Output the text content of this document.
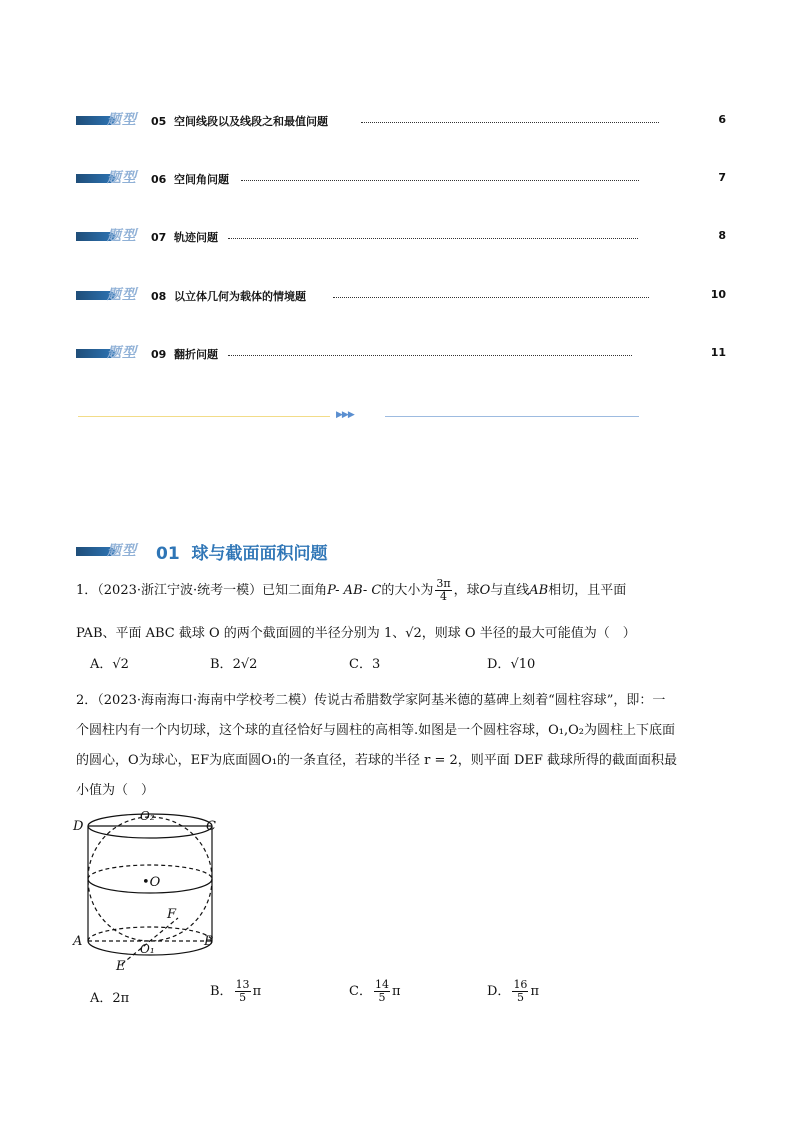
题型 05 空间线段以及线段之和最值问题	6
题型 06 空间角问题	7
题型 07 轨迹问题	8
题型 08 以立体几何为载体的情境题	10
题型 09 翻折问题	11
▶▶▶
题型 01 球与截面面积问题
1．（2023·浙江宁波·统考一模）已知二面角P- AB- C的大小为 $\frac{3\pi}{4}$ ，球O与直线AB相切，且平面
PAB、平面 ABC 截球 O 的两个截面圆的半径分别为 1、√2，则球 O 半径的最大可能值为（　）
A．√2	B．2√2	C．3	D．√10
2．（2023·海南海口·海南中学校考二模）传说古希腊数学家阿基米德的墓碑上刻着“圆柱容球”，即：一
个圆柱内有一个内切球，这个球的直径恰好与圆柱的高相等.如图是一个圆柱容球，O₁,O₂为圆柱上下底面
的圆心，O为球心，EF为底面圆O₁的一条直径，若球的半径 r = 2，则平面 DEF 截球所得的截面面积最
小值为（　）
D	C
O₂
•O
F
A	B
O₁
E
A．2π	B． $\frac{13}{5}$ π	C． $\frac{14}{5}$ π	D． $\frac{16}{5}$ π
